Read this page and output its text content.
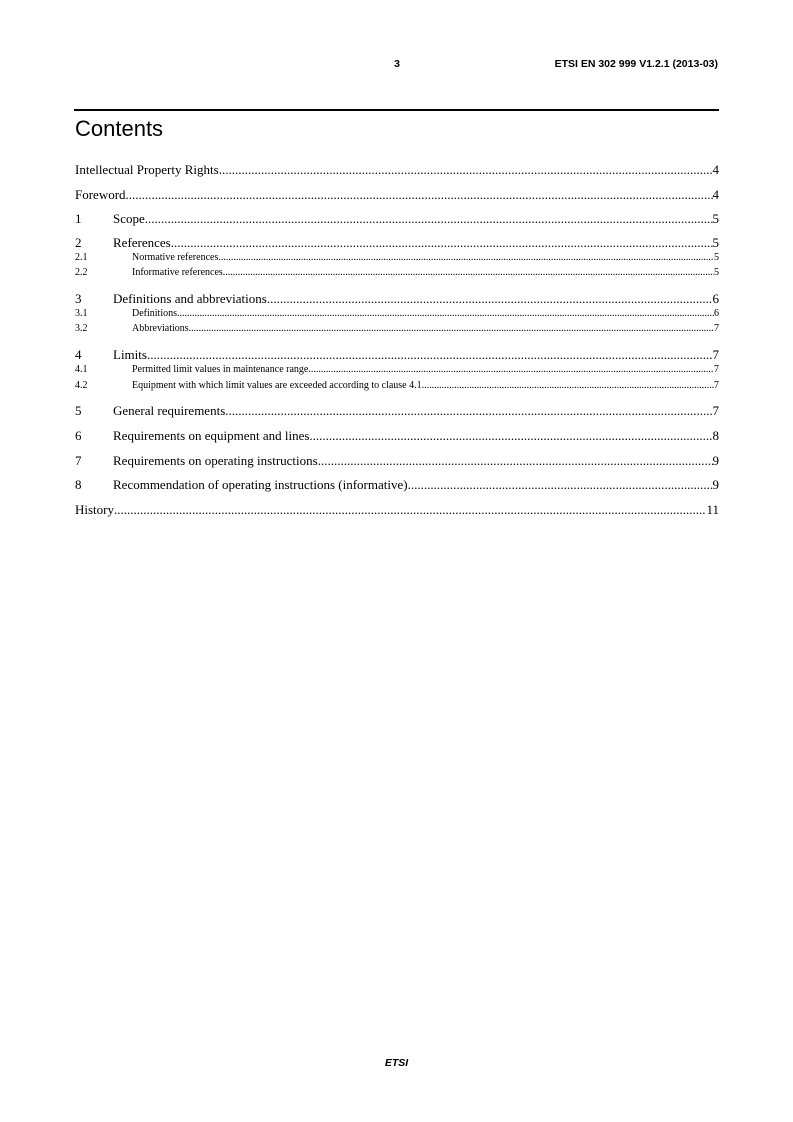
3	ETSI EN 302 999 V1.2.1 (2013-03)
Contents
Intellectual Property Rights .....	4
Foreword .....	4
1	Scope .....	5
2	References .....	5
2.1	Normative references .....	5
2.2	Informative references .....	5
3	Definitions and abbreviations .....	6
3.1	Definitions .....	6
3.2	Abbreviations .....	7
4	Limits .....	7
4.1	Permitted limit values in maintenance range .....	7
4.2	Equipment with which limit values are exceeded according to clause 4.1 .....	7
5	General requirements .....	7
6	Requirements on equipment and lines .....	8
7	Requirements on operating instructions .....	9
8	Recommendation of operating instructions (informative) .....	9
History .....	11
ETSI
